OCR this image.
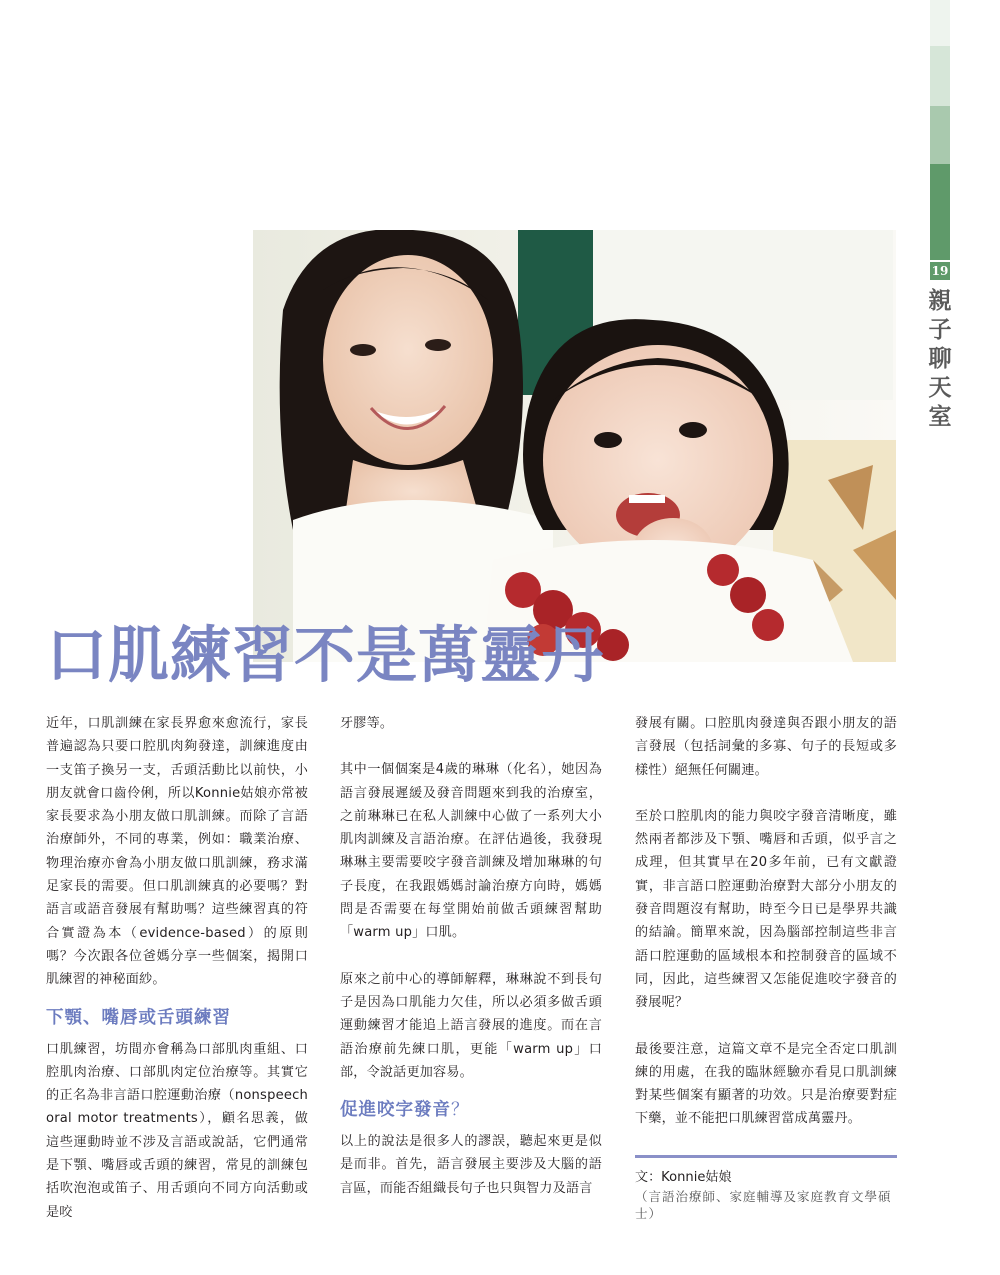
19
親
子
聊
天
室
口肌練習不是萬靈丹

近年，口肌訓練在家長界愈來愈流行，家長普遍認為只要口腔肌肉夠發達，訓練進度由一支笛子換另一支，舌頭活動比以前快，小朋友就會口齒伶俐，所以Konnie姑娘亦常被家長要求為小朋友做口肌訓練。而除了言語治療師外，不同的專業，例如：職業治療、物理治療亦會為小朋友做口肌訓練，務求滿足家長的需要。但口肌訓練真的必要嗎？對語言或語音發展有幫助嗎？這些練習真的符合實證為本（evidence-based）的原則嗎？今次跟各位爸媽分享一些個案，揭開口肌練習的神秘面紗。

下顎、嘴唇或舌頭練習

口肌練習，坊間亦會稱為口部肌肉重組、口腔肌肉治療、口部肌肉定位治療等。其實它的正名為非言語口腔運動治療（nonspeech oral motor treatments），顧名思義，做這些運動時並不涉及言語或說話，它們通常是下顎、嘴唇或舌頭的練習，常見的訓練包括吹泡泡或笛子、用舌頭向不同方向活動或是咬

牙膠等。

其中一個個案是4歲的琳琳（化名），她因為語言發展遲緩及發音問題來到我的治療室，之前琳琳已在私人訓練中心做了一系列大小肌肉訓練及言語治療。在評估過後，我發現琳琳主要需要咬字發音訓練及增加琳琳的句子長度，在我跟媽媽討論治療方向時，媽媽問是否需要在每堂開始前做舌頭練習幫助「warm up」口肌。

原來之前中心的導師解釋，琳琳說不到長句子是因為口肌能力欠佳，所以必須多做舌頭運動練習才能追上語言發展的進度。而在言語治療前先練口肌，更能「warm up」口部，令說話更加容易。

促進咬字發音？

以上的說法是很多人的謬誤，聽起來更是似是而非。首先，語言發展主要涉及大腦的語言區，而能否組織長句子也只與智力及語言

發展有關。口腔肌肉發達與否跟小朋友的語言發展（包括詞彙的多寡、句子的長短或多樣性）絕無任何關連。

至於口腔肌肉的能力與咬字發音清晰度，雖然兩者都涉及下顎、嘴唇和舌頭，似乎言之成理，但其實早在20多年前，已有文獻證實，非言語口腔運動治療對大部分小朋友的發音問題沒有幫助，時至今日已是學界共識的結論。簡單來說，因為腦部控制這些非言語口腔運動的區域根本和控制發音的區域不同，因此，這些練習又怎能促進咬字發音的發展呢？

最後要注意，這篇文章不是完全否定口肌訓練的用處，在我的臨牀經驗亦看見口肌訓練對某些個案有顯著的功效。只是治療要對症下藥，並不能把口肌練習當成萬靈丹。

文：Konnie姑娘
（言語治療師、家庭輔導及家庭教育文學碩士）
